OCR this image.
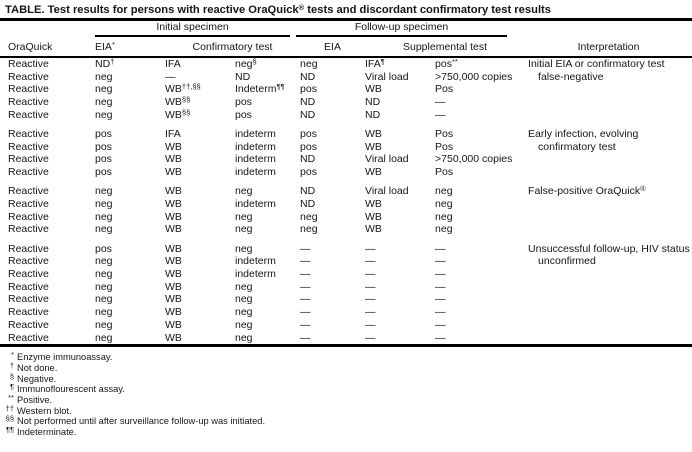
TABLE. Test results for persons with reactive OraQuick® tests and discordant confirmatory test results

	Initial specimen			Follow-up specimen			

OraQuick	EIA*	Confirmatory test		EIA	Supplemental test		Interpretation
Reactive	ND†	IFA	neg§	neg	IFA¶	pos**	Initial EIA or confirmatory test
Reactive	neg	—	ND	ND	Viral load	>750,000 copies	false-negative
Reactive	neg	WB††,§§	Indeterm¶¶	pos	WB	Pos	
Reactive	neg	WB§§	pos	ND	ND	—	
Reactive	neg	WB§§	pos	ND	ND	—	

Reactive	pos	IFA	indeterm	pos	WB	Pos	Early infection, evolving
Reactive	pos	WB	indeterm	pos	WB	Pos	confirmatory test
Reactive	pos	WB	indeterm	ND	Viral load	>750,000 copies	
Reactive	pos	WB	indeterm	pos	WB	Pos	

Reactive	neg	WB	neg	ND	Viral load	neg	False-positive OraQuick®
Reactive	neg	WB	indeterm	ND	WB	neg	
Reactive	neg	WB	neg	neg	WB	neg	
Reactive	neg	WB	neg	neg	WB	neg	

Reactive	pos	WB	neg	—	—	—	Unsuccessful follow-up, HIV status
Reactive	neg	WB	indeterm	—	—	—	unconfirmed
Reactive	neg	WB	indeterm	—	—	—	
Reactive	neg	WB	neg	—	—	—	
Reactive	neg	WB	neg	—	—	—	
Reactive	neg	WB	neg	—	—	—	
Reactive	neg	WB	neg	—	—	—	
Reactive	neg	WB	neg	—	—	—	
* Enzyme immunoassay.
† Not done.
§ Negative.
¶ Immunoflourescent assay.
** Positive.
†† Western blot.
§§ Not performed until after surveillance follow-up was initiated.
¶¶ Indeterminate.
